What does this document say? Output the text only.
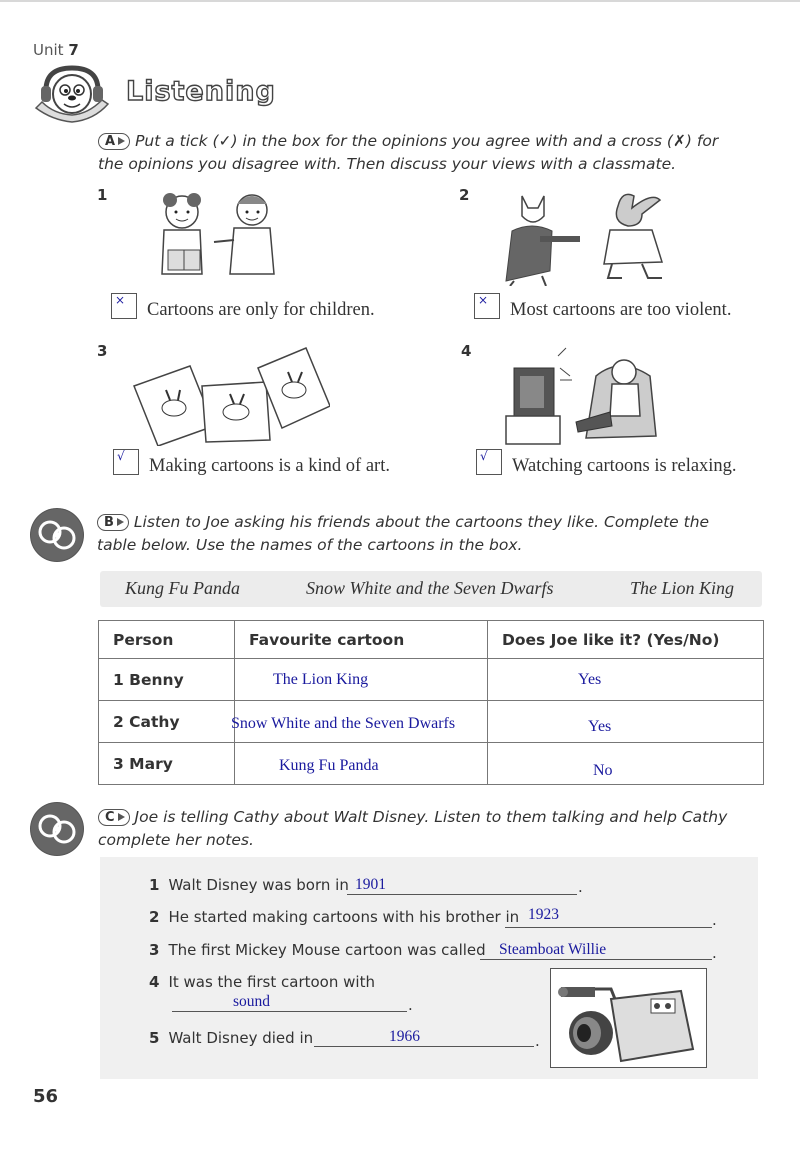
Unit 7
Listening
A Put a tick (✓) in the box for the opinions you agree with and a cross (✗) for the opinions you disagree with. Then discuss your views with a classmate.
1	2
3	4
× Cartoons are only for children.	× Most cartoons are too violent.
√ Making cartoons is a kind of art.	√ Watching cartoons is relaxing.
B Listen to Joe asking his friends about the cartoons they like. Complete the table below. Use the names of the cartoons in the box.
Kung Fu Panda	Snow White and the Seven Dwarfs	The Lion King
Person	Favourite cartoon	Does Joe like it? (Yes/No)
1 Benny	The Lion King	Yes

2 Cathy	Snow White and the Seven Dwarfs	Yes

3 Mary	Kung Fu Panda	No
C Joe is telling Cathy about Walt Disney. Listen to them talking and help Cathy complete her notes.
1 Walt Disney was born in 1901	.
2 He started making cartoons with his brother in 1923	.
3 The first Mickey Mouse cartoon was called Steamboat Willie	.
4 It was the first cartoon with
sound	.
5 Walt Disney died in	1966	.
56
